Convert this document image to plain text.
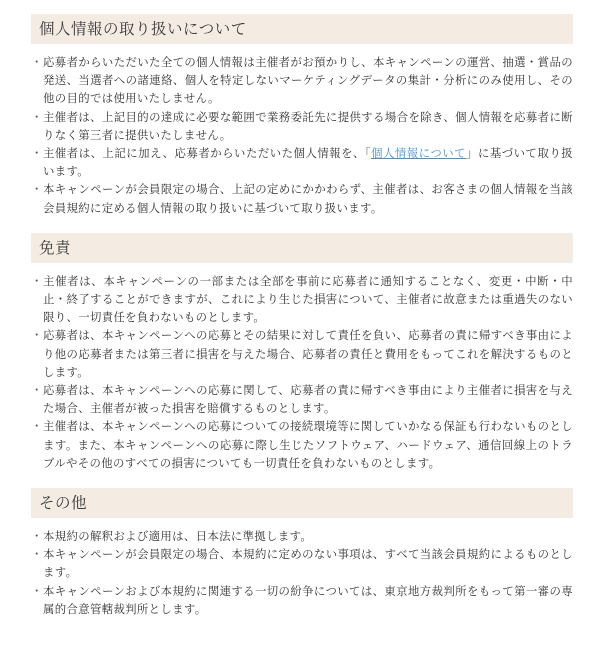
個人情報の取り扱いについて
・ 応募者からいただいた全ての個人情報は主催者がお預かりし、本キャンペーンの運営、抽選・賞品の発送、当選者への諸連絡、個人を特定しないマーケティングデータの集計・分析にのみ使用し、その他の目的では使用いたしません。
・ 主催者は、上記目的の達成に必要な範囲で業務委託先に提供する場合を除き、個人情報を応募者に断りなく第三者に提供いたしません。
・ 主催者は、上記に加え、応募者からいただいた個人情報を、「個人情報について」に基づいて取り扱います。
・ 本キャンペーンが会員限定の場合、上記の定めにかかわらず、主催者は、お客さまの個人情報を当該会員規約に定める個人情報の取り扱いに基づいて取り扱います。
免責
・ 主催者は、本キャンペーンの一部または全部を事前に応募者に通知することなく、変更・中断・中止・終了することができますが、これにより生じた損害について、主催者に故意または重過失のない限り、一切責任を負わないものとします。
・ 応募者は、本キャンペーンへの応募とその結果に対して責任を負い、応募者の責に帰すべき事由により他の応募者または第三者に損害を与えた場合、応募者の責任と費用をもってこれを解決するものとします。
・ 応募者は、本キャンペーンへの応募に関して、応募者の責に帰すべき事由により主催者に損害を与えた場合、主催者が被った損害を賠償するものとします。
・ 主催者は、本キャンペーンへの応募についての接続環境等に関していかなる保証も行わないものとします。また、本キャンペーンへの応募に際し生じたソフトウェア、ハードウェア、通信回線上のトラブルやその他のすべての損害についても一切責任を負わないものとします。
その他
・ 本規約の解釈および適用は、日本法に準拠します。
・ 本キャンペーンが会員限定の場合、本規約に定めのない事項は、すべて当該会員規約によるものとします。
・ 本キャンペーンおよび本規約に関連する一切の紛争については、東京地方裁判所をもって第一審の専属的合意管轄裁判所とします。
